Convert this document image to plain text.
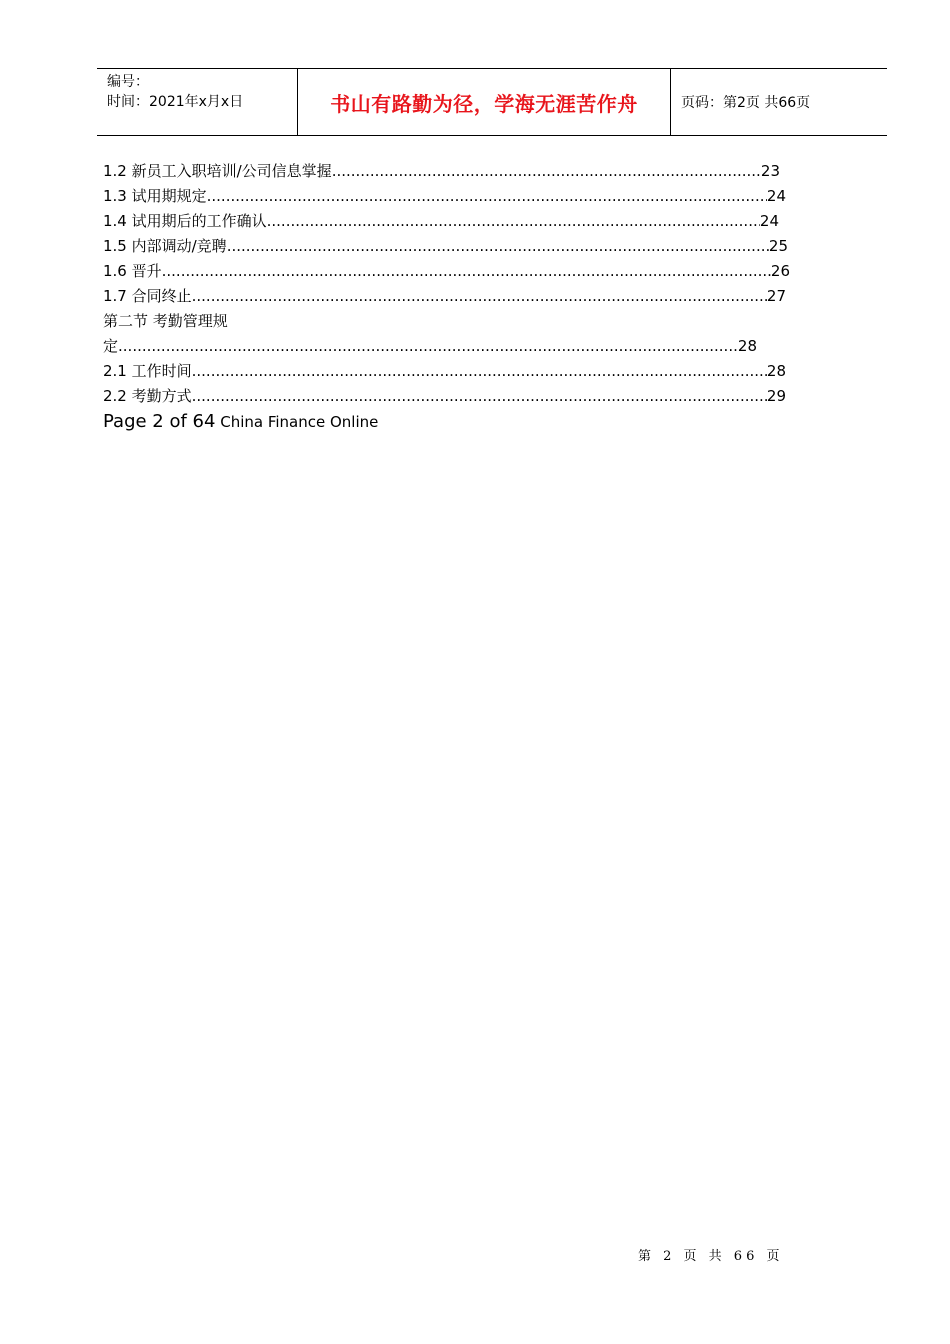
编号：
时间：2021年x月x日	书山有路勤为径，学海无涯苦作舟	页码：第2页 共66页
1.2 新员工入职培训/公司信息掌握 .....	23
1.3 试用期规定 .....	24
1.4 试用期后的工作确认 .....	24
1.5 内部调动/竞聘 .....	25
1.6 晋升 .....	26
1.7 合同终止 .....	27
第二节 考勤管理规
定 .....	28
2.1 工作时间 .....	28
2.2 考勤方式 .....	29
Page 2 of 64 China Finance Online
第 2 页 共 66 页
